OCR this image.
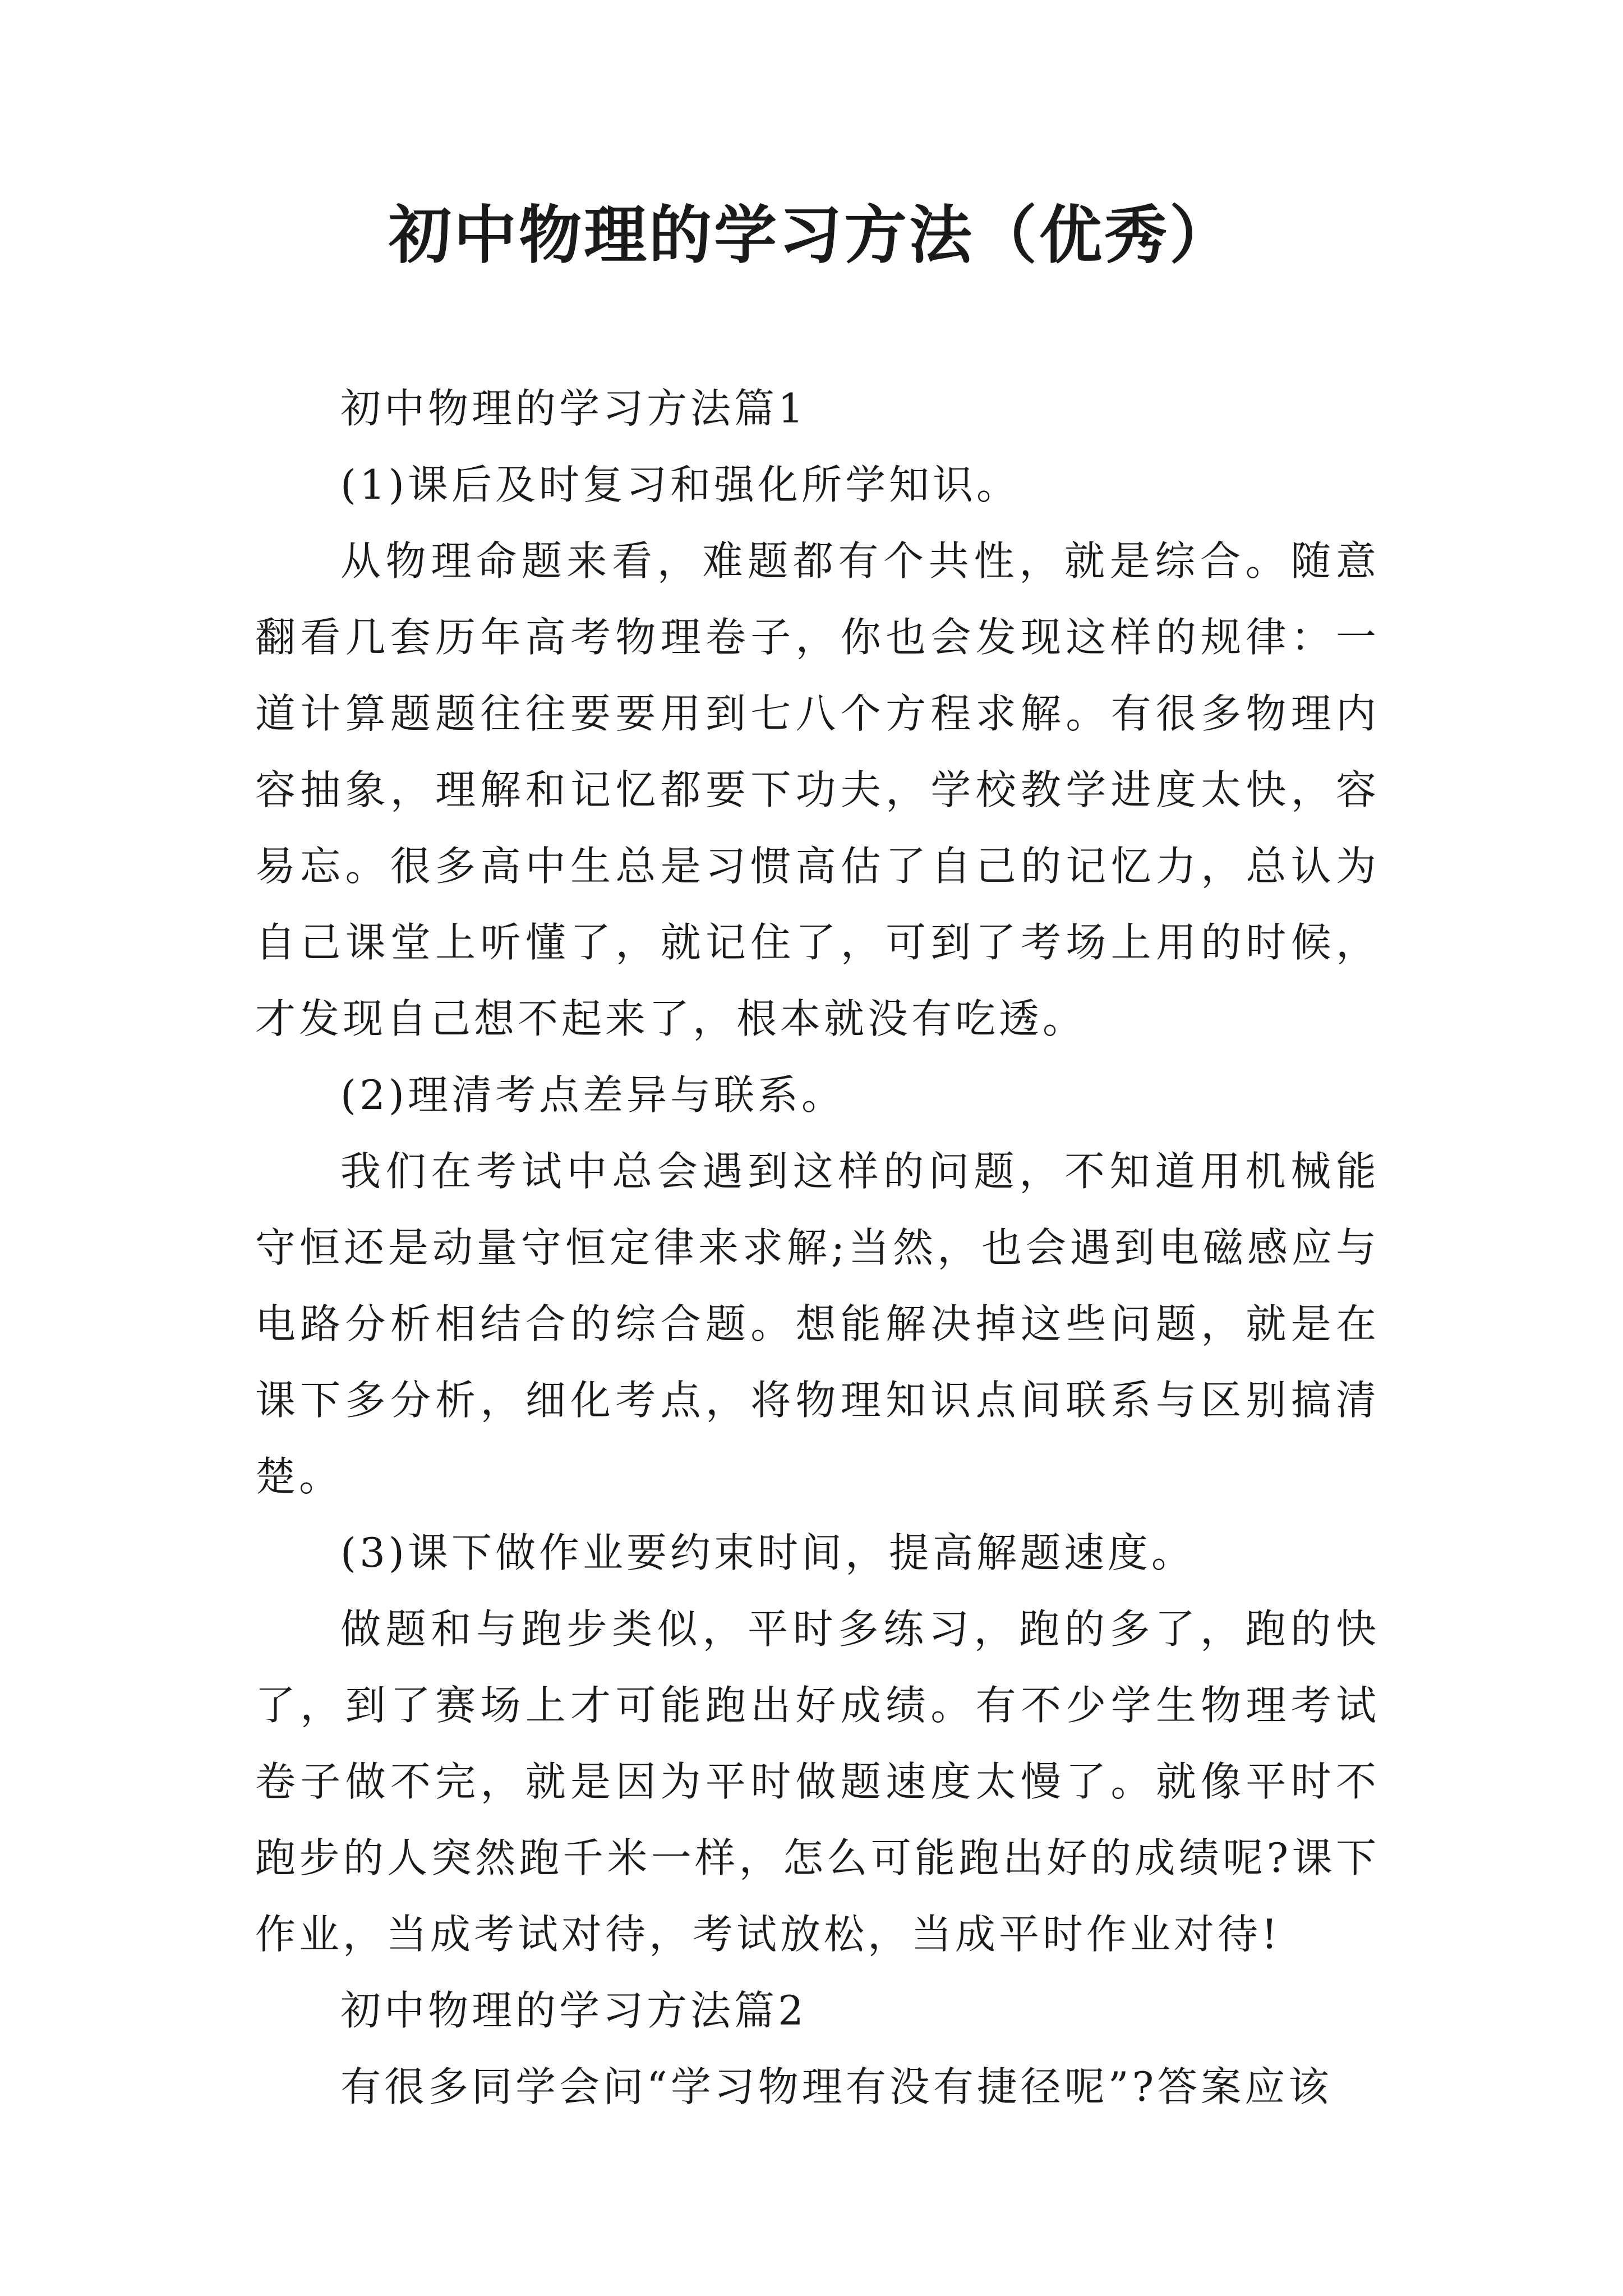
初中物理的学习方法（优秀）

初中物理的学习方法篇1

(1)课后及时复习和强化所学知识。

从物理命题来看，难题都有个共性，就是综合。随意翻看几套历年高考物理卷子，你也会发现这样的规律：一道计算题题往往要要用到七八个方程求解。有很多物理内容抽象，理解和记忆都要下功夫，学校教学进度太快，容易忘。很多高中生总是习惯高估了自己的记忆力，总认为自己课堂上听懂了，就记住了，可到了考场上用的时候，才发现自己想不起来了，根本就没有吃透。

(2)理清考点差异与联系。

我们在考试中总会遇到这样的问题，不知道用机械能守恒还是动量守恒定律来求解;当然，也会遇到电磁感应与电路分析相结合的综合题。想能解决掉这些问题，就是在课下多分析，细化考点，将物理知识点间联系与区别搞清楚。

(3)课下做作业要约束时间，提高解题速度。

做题和与跑步类似，平时多练习，跑的多了，跑的快了，到了赛场上才可能跑出好成绩。有不少学生物理考试卷子做不完，就是因为平时做题速度太慢了。就像平时不跑步的人突然跑千米一样，怎么可能跑出好的成绩呢?课下作业，当成考试对待，考试放松，当成平时作业对待!

初中物理的学习方法篇2

有很多同学会问“学习物理有没有捷径呢”?答案应该
